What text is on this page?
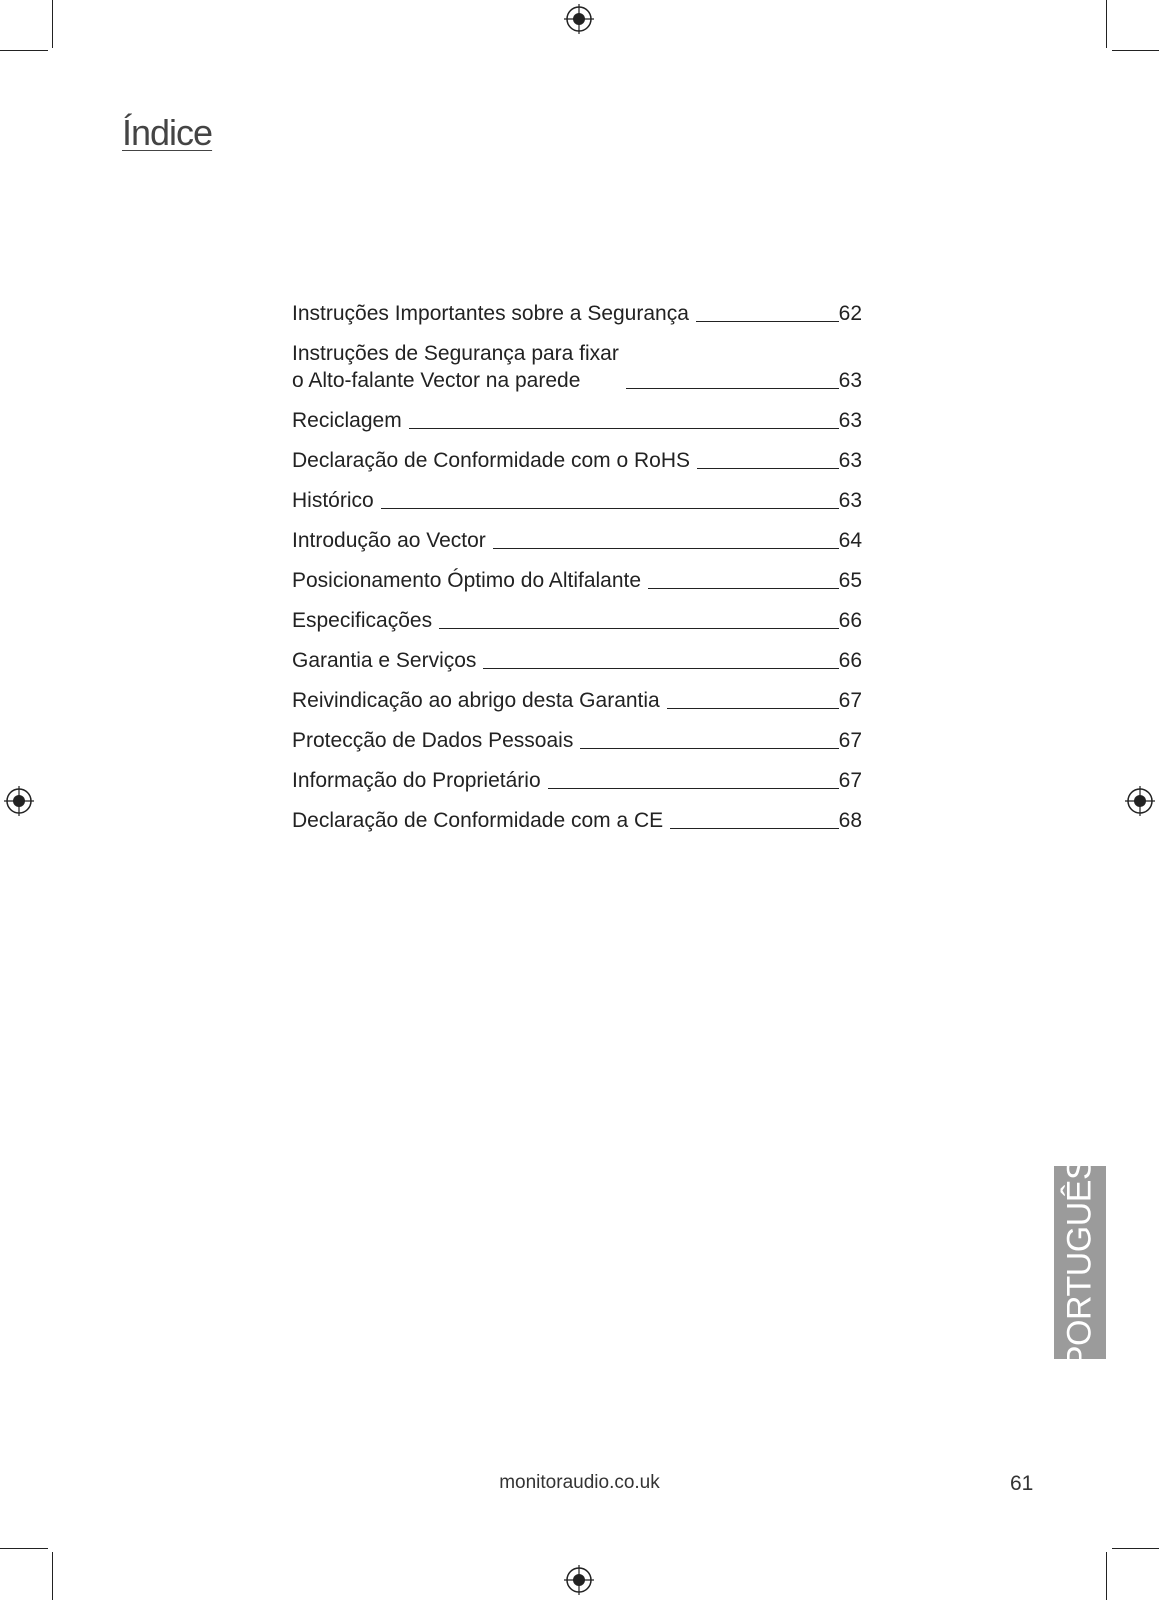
Índice
Instruções Importantes sobre a Segurança	62
Instruções de Segurança para fixar
o Alto-falante Vector na parede	63
Reciclagem	63
Declaração de Conformidade com o RoHS	63
Histórico	63
Introdução ao Vector	64
Posicionamento Óptimo do Altifalante	65
Especificações	66
Garantia e Serviços	66
Reivindicação ao abrigo desta Garantia	67
Protecção de Dados Pessoais	67
Informação do Proprietário	67
Declaração de Conformidade com a CE	68
PORTUGUÊS
monitoraudio.co.uk	61
